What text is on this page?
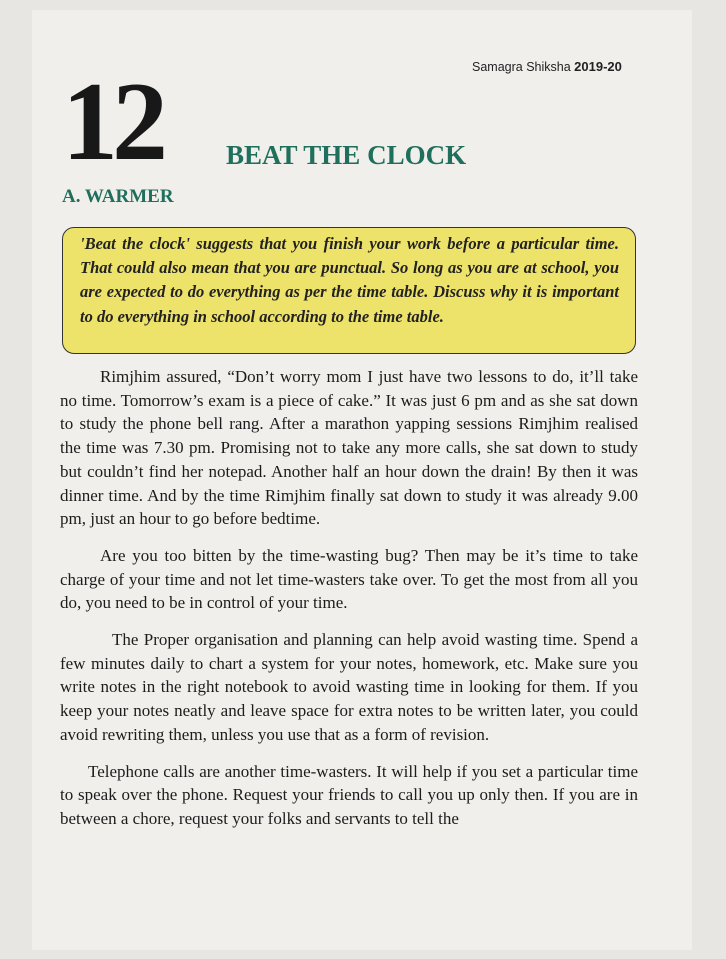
Samagra Shiksha 2019-20
12 BEAT THE CLOCK
A. WARMER
'Beat the clock' suggests that you finish your work before a particular time. That could also mean that you are punctual. So long as you are at school, you are expected to do everything as per the time table. Discuss why it is important to do everything in school according to the time table.

Rimjhim assured, “Don’t worry mom I just have two lessons to do, it’ll take no time. Tomorrow’s exam is a piece of cake.” It was just 6 pm and as she sat down to study the phone bell rang. After a marathon yapping sessions Rimjhim realised the time was 7.30 pm. Promising not to take any more calls, she sat down to study but couldn’t find her notepad. Another half an hour down the drain! By then it was dinner time. And by the time Rimjhim finally sat down to study it was already 9.00 pm, just an hour to go before bedtime.

Are you too bitten by the time-wasting bug? Then may be it’s time to take charge of your time and not let time-wasters take over. To get the most from all you do, you need to be in control of your time.

The Proper organisation and planning can help avoid wasting time. Spend a few minutes daily to chart a system for your notes, homework, etc. Make sure you write notes in the right notebook to avoid wasting time in looking for them. If you keep your notes neatly and leave space for extra notes to be written later, you could avoid rewriting them, unless you use that as a form of revision.

Telephone calls are another time-wasters. It will help if you set a particular time to speak over the phone. Request your friends to call you up only then. If you are in between a chore, request your folks and servants to tell the
